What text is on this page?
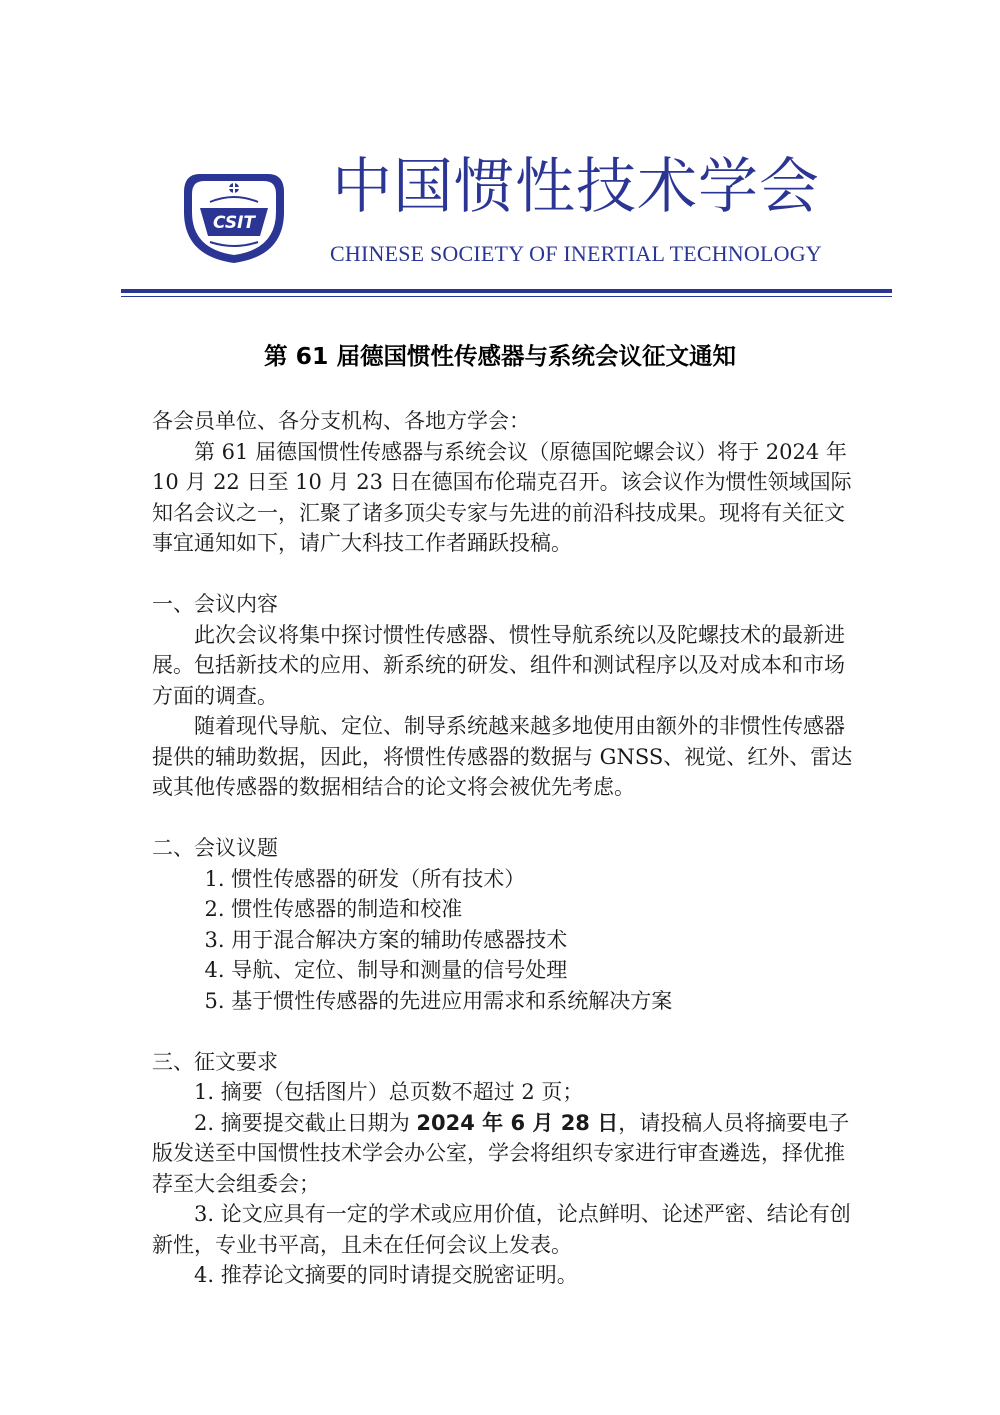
CSIT
中国惯性技术学会
CHINESE SOCIETY OF INERTIAL TECHNOLOGY
第 61 届德国惯性传感器与系统会议征文通知

各会员单位、各分支机构、各地方学会：

第 61 届德国惯性传感器与系统会议（原德国陀螺会议）将于 2024 年 10 月 22 日至 10 月 23 日在德国布伦瑞克召开。该会议作为惯性领域国际知名会议之一，汇聚了诸多顶尖专家与先进的前沿科技成果。现将有关征文事宜通知如下，请广大科技工作者踊跃投稿。

一、会议内容

此次会议将集中探讨惯性传感器、惯性导航系统以及陀螺技术的最新进展。包括新技术的应用、新系统的研发、组件和测试程序以及对成本和市场方面的调查。

随着现代导航、定位、制导系统越来越多地使用由额外的非惯性传感器提供的辅助数据，因此，将惯性传感器的数据与 GNSS、视觉、红外、雷达或其他传感器的数据相结合的论文将会被优先考虑。

二、会议议题

1. 惯性传感器的研发（所有技术）

2. 惯性传感器的制造和校准

3. 用于混合解决方案的辅助传感器技术

4. 导航、定位、制导和测量的信号处理

5. 基于惯性传感器的先进应用需求和系统解决方案

三、征文要求

1. 摘要（包括图片）总页数不超过 2 页；

2. 摘要提交截止日期为 2024 年 6 月 28 日，请投稿人员将摘要电子版发送至中国惯性技术学会办公室，学会将组织专家进行审查遴选，择优推荐至大会组委会；

3. 论文应具有一定的学术或应用价值，论点鲜明、论述严密、结论有创新性，专业书平高，且未在任何会议上发表。

4. 推荐论文摘要的同时请提交脱密证明。
